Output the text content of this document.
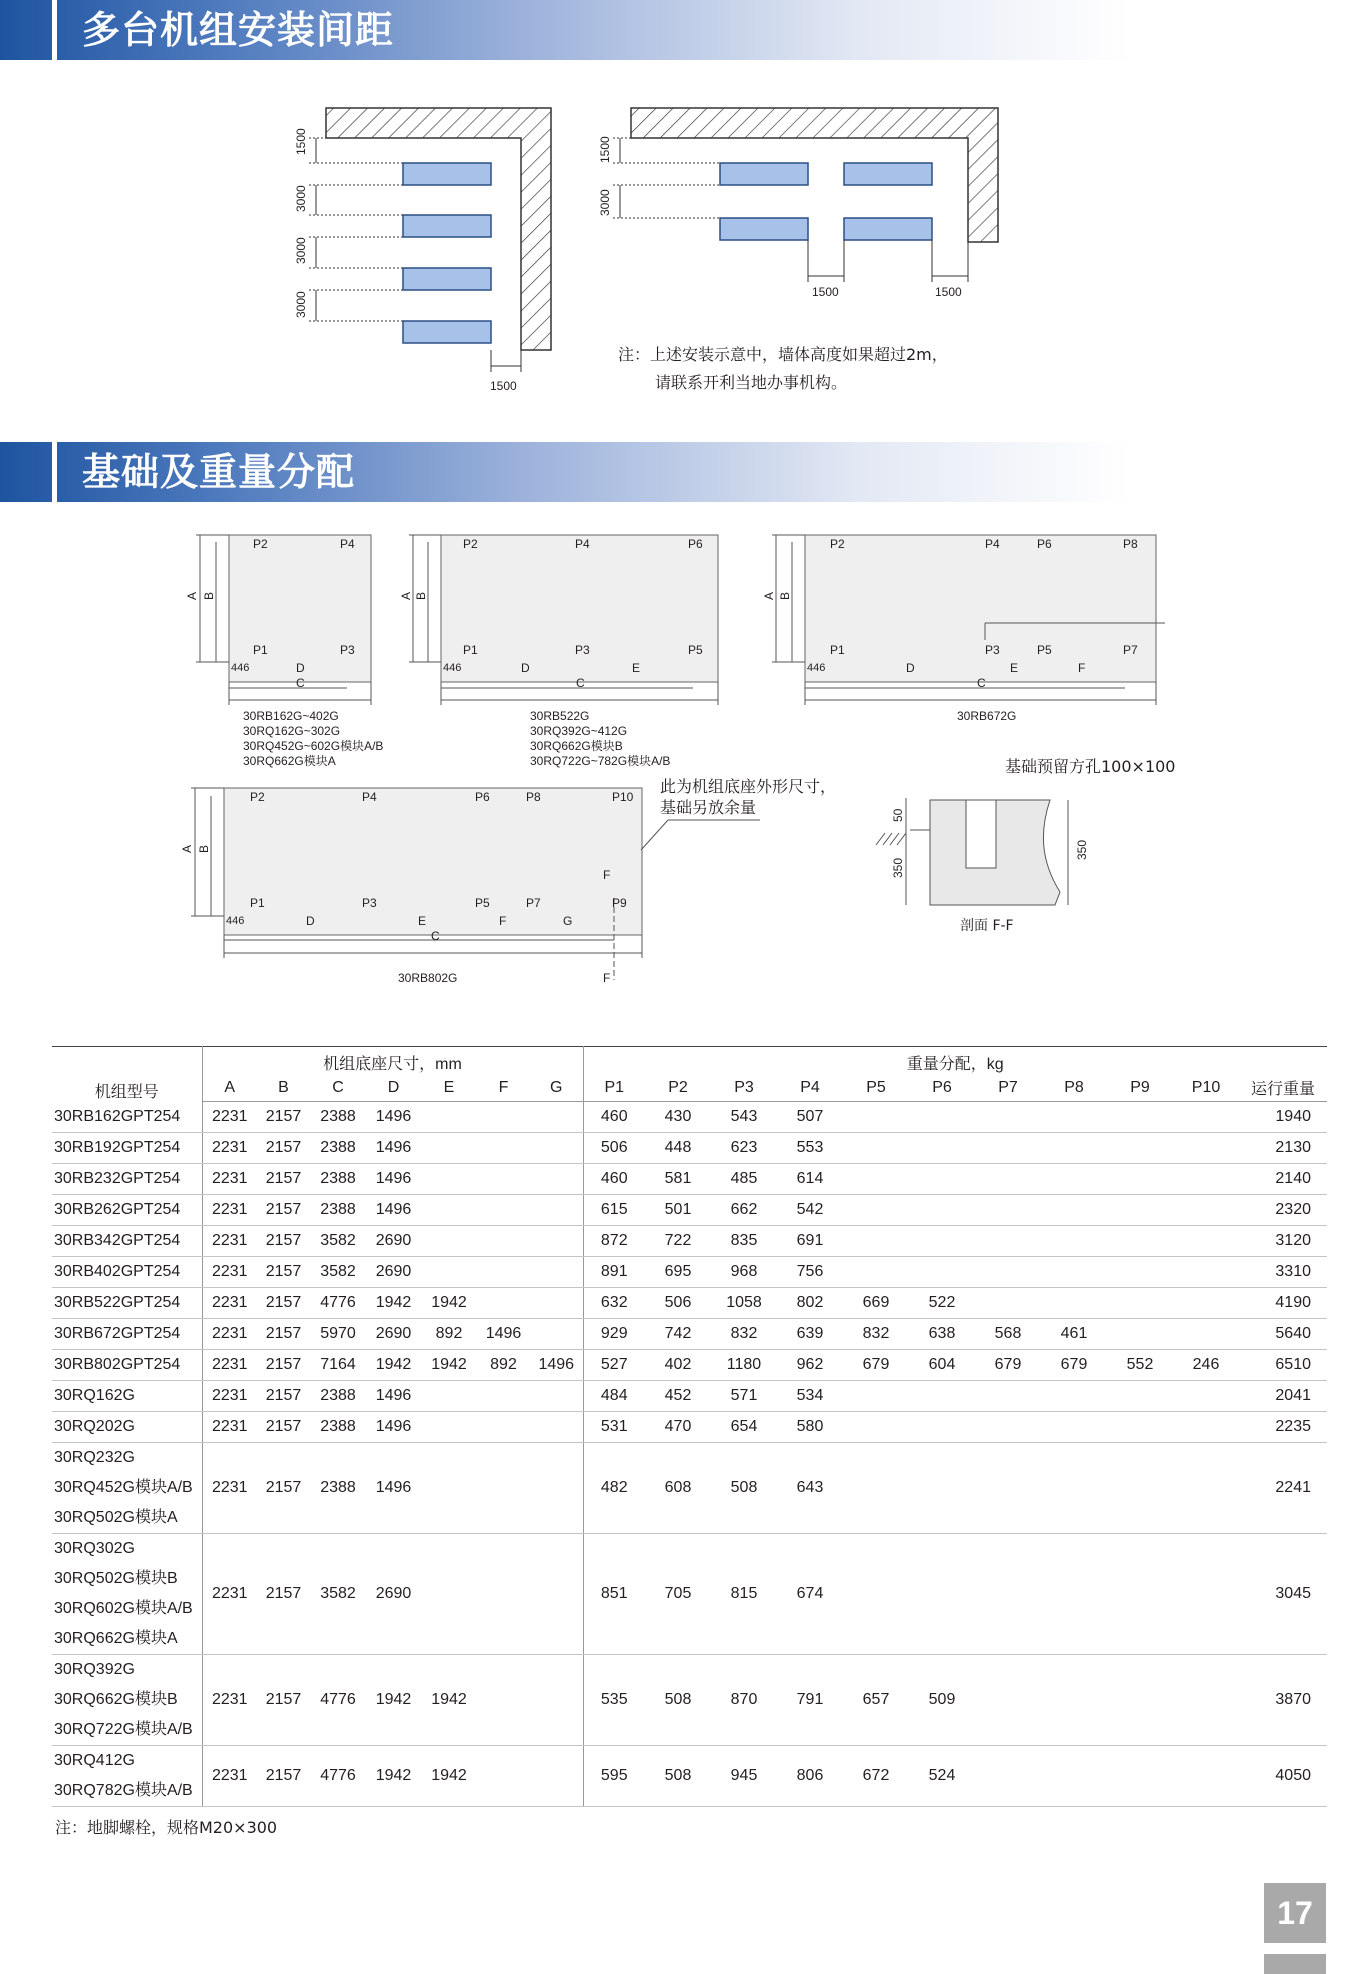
多台机组安装间距
基础及重量分配
1500
3000
3000
3000
1500
1500
3000
1500	1500
注：上述安装示意中，墙体高度如果超过2m，
请联系开利当地办事机构。
A B
P2	P4
P1	P3
446	D
C
A B
P2	P4	P6
P1	P3	P5
446	D	E
C
A B
P2	P4	P6	P8
P1	P3	P5	P7
446	D	E	F
C
A B
P2	P4	P6	P8	P10
P1	P3	P5	P7	P9
F
446	D	E	F	G
C
F
30RB162G~402G
30RQ162G~302G
30RQ452G~602G模块A/B
30RQ662G模块A
30RB522G
30RQ392G~412G
30RQ662G模块B
30RQ722G~782G模块A/B
30RB672G
30RB802G
此为机组底座外形尺寸，
基础另放余量
基础预留方孔100×100
50
350
350
剖面 F-F
机组型号	机组底座尺寸，mm							重量分配，kg										
	A	B	C	D	E	F	G	P1	P2	P3	P4	P5	P6	P7	P8	P9	P10	运行重量

30RB162GPT254	2231	2157	2388	1496				460	430	543	507							1940

30RB192GPT254	2231	2157	2388	1496				506	448	623	553							2130

30RB232GPT254	2231	2157	2388	1496				460	581	485	614							2140

30RB262GPT254	2231	2157	2388	1496				615	501	662	542							2320

30RB342GPT254	2231	2157	3582	2690				872	722	835	691							3120

30RB402GPT254	2231	2157	3582	2690				891	695	968	756							3310

30RB522GPT254	2231	2157	4776	1942	1942			632	506	1058	802	669	522					4190

30RB672GPT254	2231	2157	5970	2690	892	1496		929	742	832	639	832	638	568	461			5640

30RB802GPT254	2231	2157	7164	1942	1942	892	1496	527	402	1180	962	679	604	679	679	552	246	6510

30RQ162G	2231	2157	2388	1496				484	452	571	534							2041

30RQ202G	2231	2157	2388	1496				531	470	654	580							2235

30RQ232G
30RQ452G模块A/B
30RQ502G模块A	2231	2157	2388	1496				482	608	508	643							2241

30RQ302G
30RQ502G模块B
30RQ602G模块A/B
30RQ662G模块A	2231	2157	3582	2690				851	705	815	674							3045

30RQ392G
30RQ662G模块B
30RQ722G模块A/B	2231	2157	4776	1942	1942			535	508	870	791	657	509					3870

30RQ412G
30RQ782G模块A/B	2231	2157	4776	1942	1942			595	508	945	806	672	524					4050
注：地脚螺栓，规格M20×300
17
